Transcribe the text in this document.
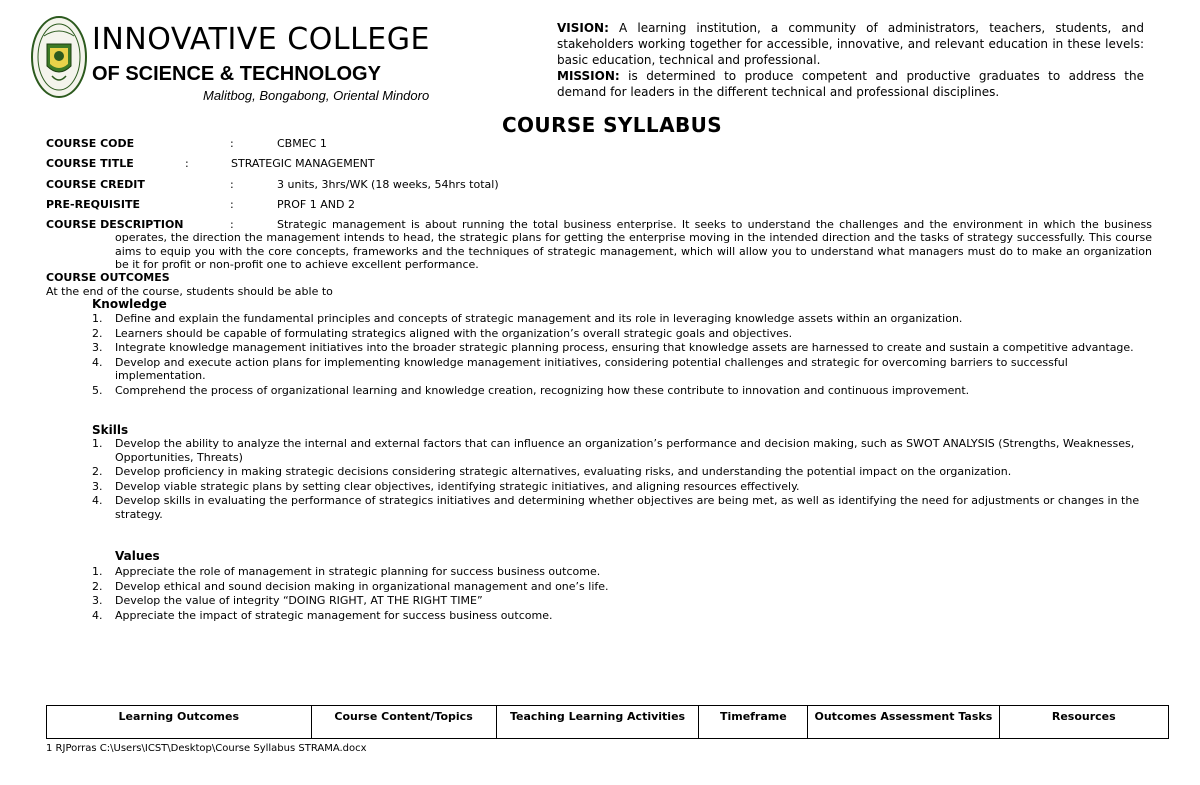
INNOVATIVE COLLEGE
OF SCIENCE & TECHNOLOGY
Malitbog, Bongabong, Oriental Mindoro

VISION: A learning institution, a community of administrators, teachers, students, and stakeholders working together for accessible, innovative, and relevant education in these levels: basic education, technical and professional.

MISSION: is determined to produce competent and productive graduates to address the demand for leaders in the different technical and professional disciplines.

COURSE SYLLABUS
COURSE CODE	:	CBMEC 1
COURSE TITLE	:	STRATEGIC MANAGEMENT
COURSE CREDIT	:	3 units, 3hrs/WK (18 weeks, 54hrs total)
PRE-REQUISITE	:	PROF 1 AND 2
COURSE DESCRIPTION	:	Strategic management is about running the total business enterprise. It seeks to understand the challenges and the environment in which the business operates, the direction the management intends to head, the strategic plans for getting the enterprise moving in the intended direction and the tasks of strategy successfully. This course aims to equip you with the core concepts, frameworks and the techniques of strategic management, which will allow you to understand what managers must do to make an organization be it for profit or non-profit one to achieve excellent performance.
COURSE OUTCOMES
At the end of the course, students should be able to
Knowledge
1. Define and explain the fundamental principles and concepts of strategic management and its role in leveraging knowledge assets within an organization.
2. Learners should be capable of formulating strategics aligned with the organization’s overall strategic goals and objectives.
3. Integrate knowledge management initiatives into the broader strategic planning process, ensuring that knowledge assets are harnessed to create and sustain a competitive advantage.
4. Develop and execute action plans for implementing knowledge management initiatives, considering potential challenges and strategic for overcoming barriers to successful implementation.
5. Comprehend the process of organizational learning and knowledge creation, recognizing how these contribute to innovation and continuous improvement.
Skills
1. Develop the ability to analyze the internal and external factors that can influence an organization’s performance and decision making, such as SWOT ANALYSIS (Strengths, Weaknesses, Opportunities, Threats)
2. Develop proficiency in making strategic decisions considering strategic alternatives, evaluating risks, and understanding the potential impact on the organization.
3. Develop viable strategic plans by setting clear objectives, identifying strategic initiatives, and aligning resources effectively.
4. Develop skills in evaluating the performance of strategics initiatives and determining whether objectives are being met, as well as identifying the need for adjustments or changes in the strategy.
Values
1. Appreciate the role of management in strategic planning for success business outcome.
2. Develop ethical and sound decision making in organizational management and one’s life.
3. Develop the value of integrity “DOING RIGHT, AT THE RIGHT TIME”
4. Appreciate the impact of strategic management for success business outcome.
Learning Outcomes	Course Content/Topics	Teaching Learning Activities	Timeframe	Outcomes Assessment Tasks	Resources
1 RJPorras C:\Users\ICST\Desktop\Course Syllabus STRAMA.docx
